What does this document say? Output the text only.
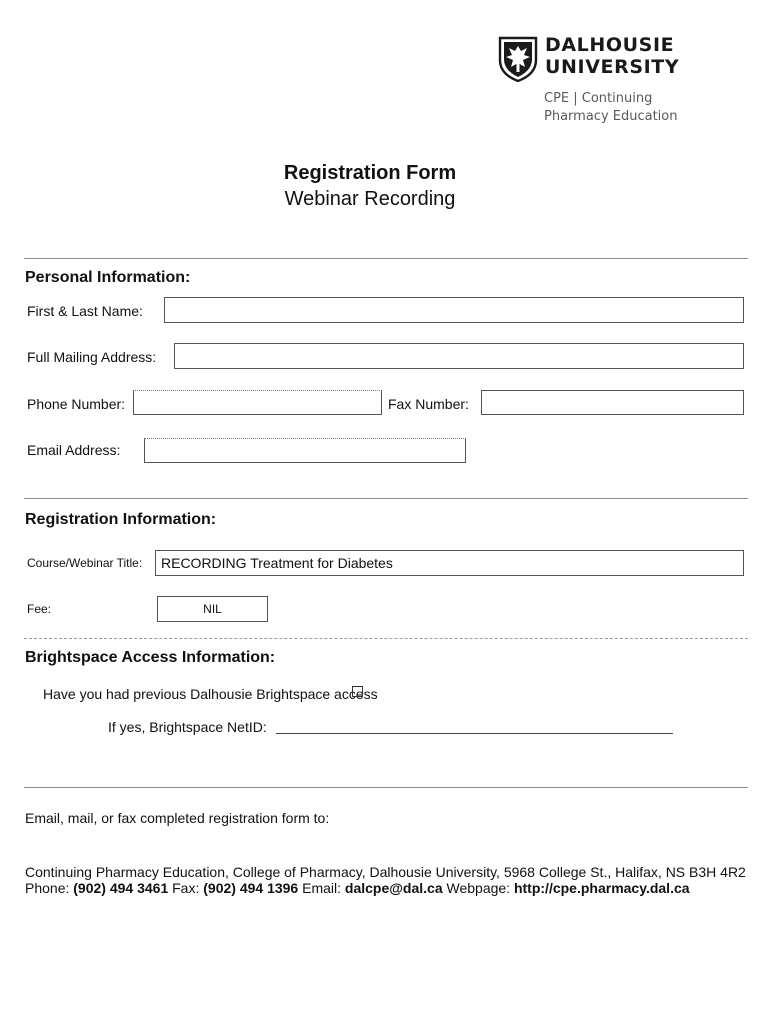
DALHOUSIE
UNIVERSITY
CPE | Continuing
Pharmacy Education
Registration Form
Webinar Recording
Personal Information:
First & Last Name:
Full Mailing Address:
Phone Number:	Fax Number:
Email Address:
Registration Information:
Course/Webinar Title:	RECORDING Treatment for Diabetes
Fee:	NIL
Brightspace Access Information:
Have you had previous Dalhousie Brightspace access
If yes, Brightspace NetID:
Email, mail, or fax completed registration form to:
Continuing Pharmacy Education, College of Pharmacy, Dalhousie University, 5968 College St., Halifax, NS B3H 4R2
Phone: (902) 494 3461 Fax: (902) 494 1396 Email: dalcpe@dal.ca Webpage: http://cpe.pharmacy.dal.ca
